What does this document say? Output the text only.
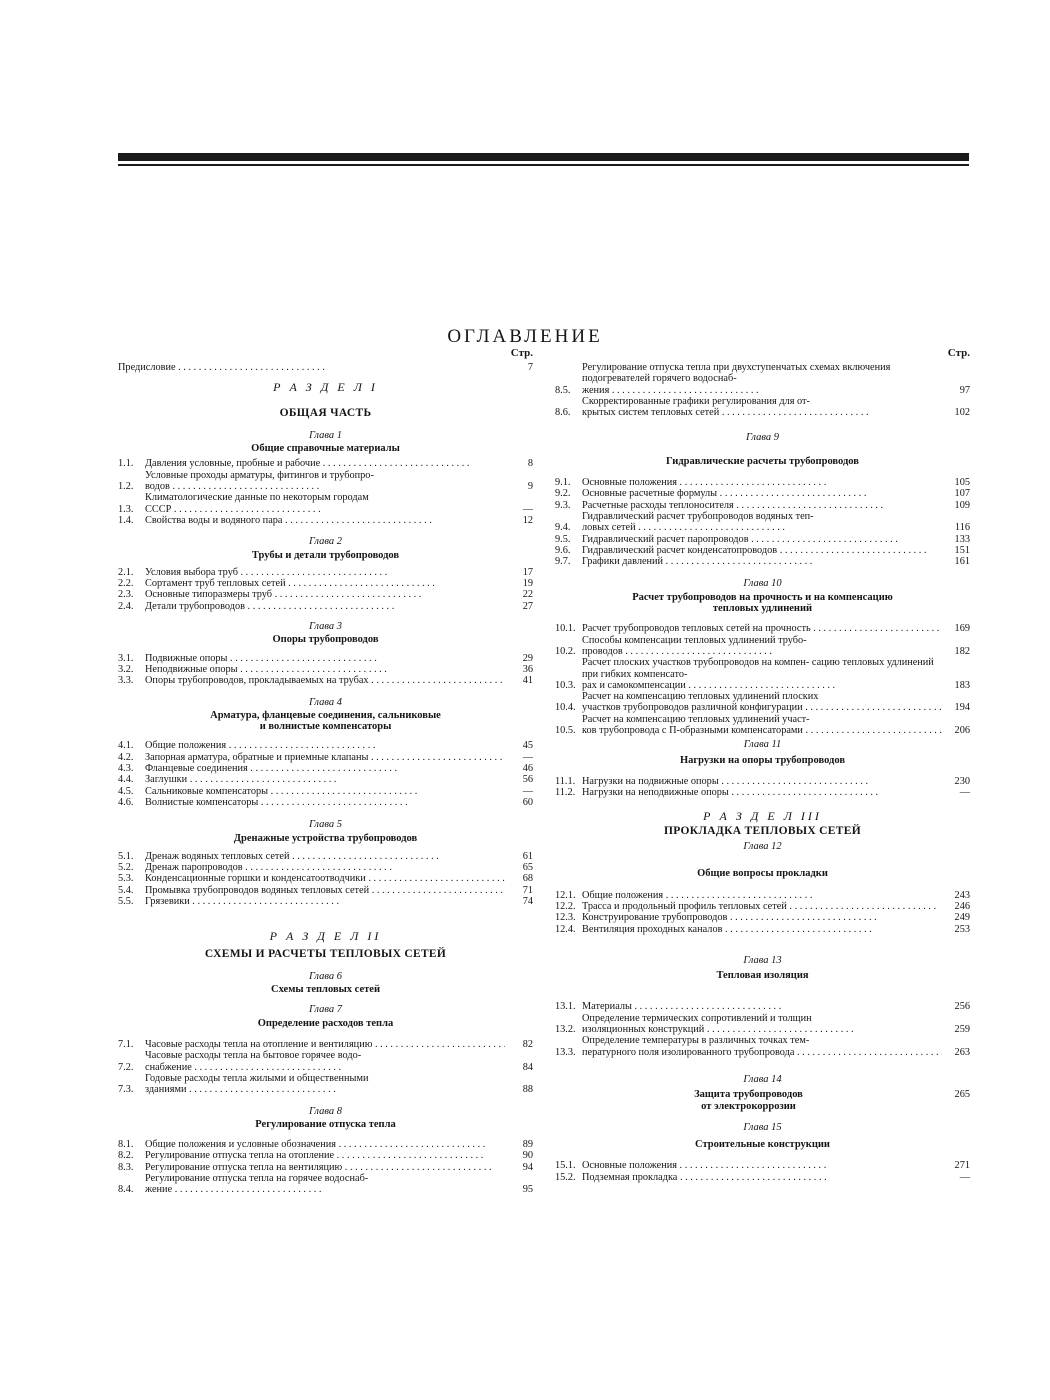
ОГЛАВЛЕНИЕ
Стр.
Предисловие . . .	7
Р А З Д Е Л I
ОБЩАЯ ЧАСТЬ
Глава 1
Общие справочные материалы
1.1.	Давления условные, пробные и рабочие . . .	8
1.2.
Условные проходы арматуры, фитингов и трубопро-
водов . . .	9
1.3.
Климатологические данные по некоторым городам
СССР . . .	—
1.4.	Свойства воды и водяного пара . . .	12
Глава 2
Трубы и детали трубопроводов
2.1.	Условия выбора труб . . .	17
2.2.	Сортамент труб тепловых сетей . . .	19
2.3.	Основные типоразмеры труб . . .	22
2.4.	Детали трубопроводов . . .	27
Глава 3
Опоры трубопроводов
3.1.	Подвижные опоры . . .	29
3.2.	Неподвижные опоры . . .	36
3.3.	Опоры трубопроводов, прокладываемых на трубах . . .	41
Глава 4
Арматура, фланцевые соединения, сальниковые
и волнистые компенсаторы
4.1.	Общие положения . . .	45
4.2.	Запорная арматура, обратные и приемные клапаны . . .	—
4.3.	Фланцевые соединения . . .	46
4.4.	Заглушки . . .	56
4.5.	Сальниковые компенсаторы . . .	—
4.6.	Волнистые компенсаторы . . .	60
Глава 5
Дренажные устройства трубопроводов
5.1.	Дренаж водяных тепловых сетей . . .	61
5.2.	Дренаж паропроводов . . .	65
5.3.	Конденсационные горшки и конденсатоотводчики . . .	68
5.4.	Промывка трубопроводов водяных тепловых сетей . . .	71
5.5.	Грязевики . . .	74
Р А З Д Е Л II
СХЕМЫ И РАСЧЕТЫ ТЕПЛОВЫХ СЕТЕЙ
Глава 6
Схемы тепловых сетей
Глава 7
Определение расходов тепла
7.1.	Часовые расходы тепла на отопление и вентиляцию . . .	82
7.2.
Часовые расходы тепла на бытовое горячее водо-
снабжение . . .	84
7.3.
Годовые расходы тепла жилыми и общественными
зданиями . . .	88
Глава 8
Регулирование отпуска тепла
8.1.	Общие положения и условные обозначения . . .	89
8.2.	Регулирование отпуска тепла на отопление . . .	90
8.3.	Регулирование отпуска тепла на вентиляцию . . .	94
8.4.
Регулирование отпуска тепла на горячее водоснаб-
жение . . .	95
Стр.
8.5.
Регулирование отпуска тепла при двухступенчатых схемах включения подогревателей горячего водоснаб-
жения . . .	97
8.6.
Скорректированные графики регулирования для от-
крытых систем тепловых сетей . . .	102
Глава 9
Гидравлические расчеты трубопроводов
9.1.	Основные положения . . .	105
9.2.	Основные расчетные формулы . . .	107
9.3.	Расчетные расходы теплоносителя . . .	109
9.4.
Гидравлический расчет трубопроводов водяных теп-
ловых сетей . . .	116
9.5.	Гидравлический расчет паропроводов . . .	133
9.6.	Гидравлический расчет конденсатопроводов . . .	151
9.7.	Графики давлений . . .	161
Глава 10
Расчет трубопроводов на прочность и на компенсацию
тепловых удлинений
10.1. Расчет трубопроводов тепловых сетей на прочность . . .	169
10.2.
Способы компенсации тепловых удлинений трубо-
проводов . . .	182
10.3.
Расчет плоских участков трубопроводов на компен- сацию тепловых удлинений при гибких компенсато-
рах и самокомпенсации . . .	183
10.4.
Расчет на компенсацию тепловых удлинений плоских
участков трубопроводов различной конфигурации . . .	194
10.5.
Расчет на компенсацию тепловых удлинений участ-
ков трубопровода с П-образными компенсаторами . . .	206
Глава 11
Нагрузки на опоры трубопроводов
11.1. Нагрузки на подвижные опоры . . .	230
11.2. Нагрузки на неподвижные опоры . . .	—
Р А З Д Е Л III
ПРОКЛАДКА ТЕПЛОВЫХ СЕТЕЙ
Глава 12
Общие вопросы прокладки
12.1. Общие положения . . .	243
12.2. Трасса и продольный профиль тепловых сетей . . .	246
12.3. Конструирование трубопроводов . . .	249
12.4. Вентиляция проходных каналов . . .	253
Глава 13
Тепловая изоляция
13.1. Материалы . . .	256
13.2.
Определение термических сопротивлений и толщин
изоляционных конструкций . . .	259
13.3.
Определение температуры в различных точках тем-
пературного поля изолированного трубопровода . . .	263
Глава 14
Защита трубопроводов	265
от электрокоррозии
Глава 15
Строительные конструкции
15.1. Основные положения . . .	271
15.2. Подземная прокладка . . .	—
